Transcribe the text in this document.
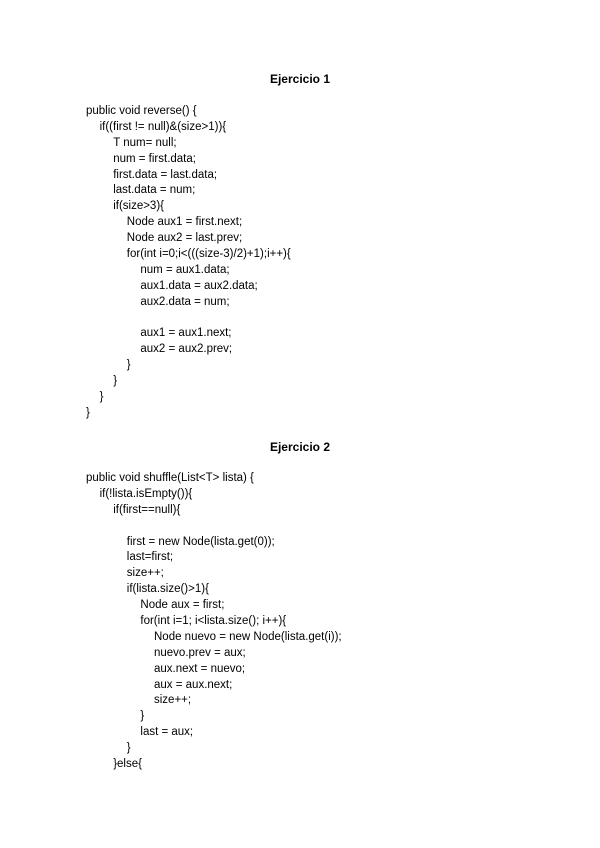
Ejercicio 1
public void reverse() {
if((first != null)&(size>1)){
T num= null;
num = first.data;
first.data = last.data;
last.data = num;
if(size>3){
Node aux1 = first.next;
Node aux2 = last.prev;
for(int i=0;i<(((size-3)/2)+1);i++){
num = aux1.data;
aux1.data = aux2.data;
aux2.data = num;
aux1 = aux1.next;
aux2 = aux2.prev;
}
}
}
}
Ejercicio 2
public void shuffle(List<T> lista) {
if(!lista.isEmpty()){
if(first==null){
first = new Node(lista.get(0));
last=first;
size++;
if(lista.size()>1){
Node aux = first;
for(int i=1; i<lista.size(); i++){
Node nuevo = new Node(lista.get(i));
nuevo.prev = aux;
aux.next = nuevo;
aux = aux.next;
size++;
}
last = aux;
}
}else{
